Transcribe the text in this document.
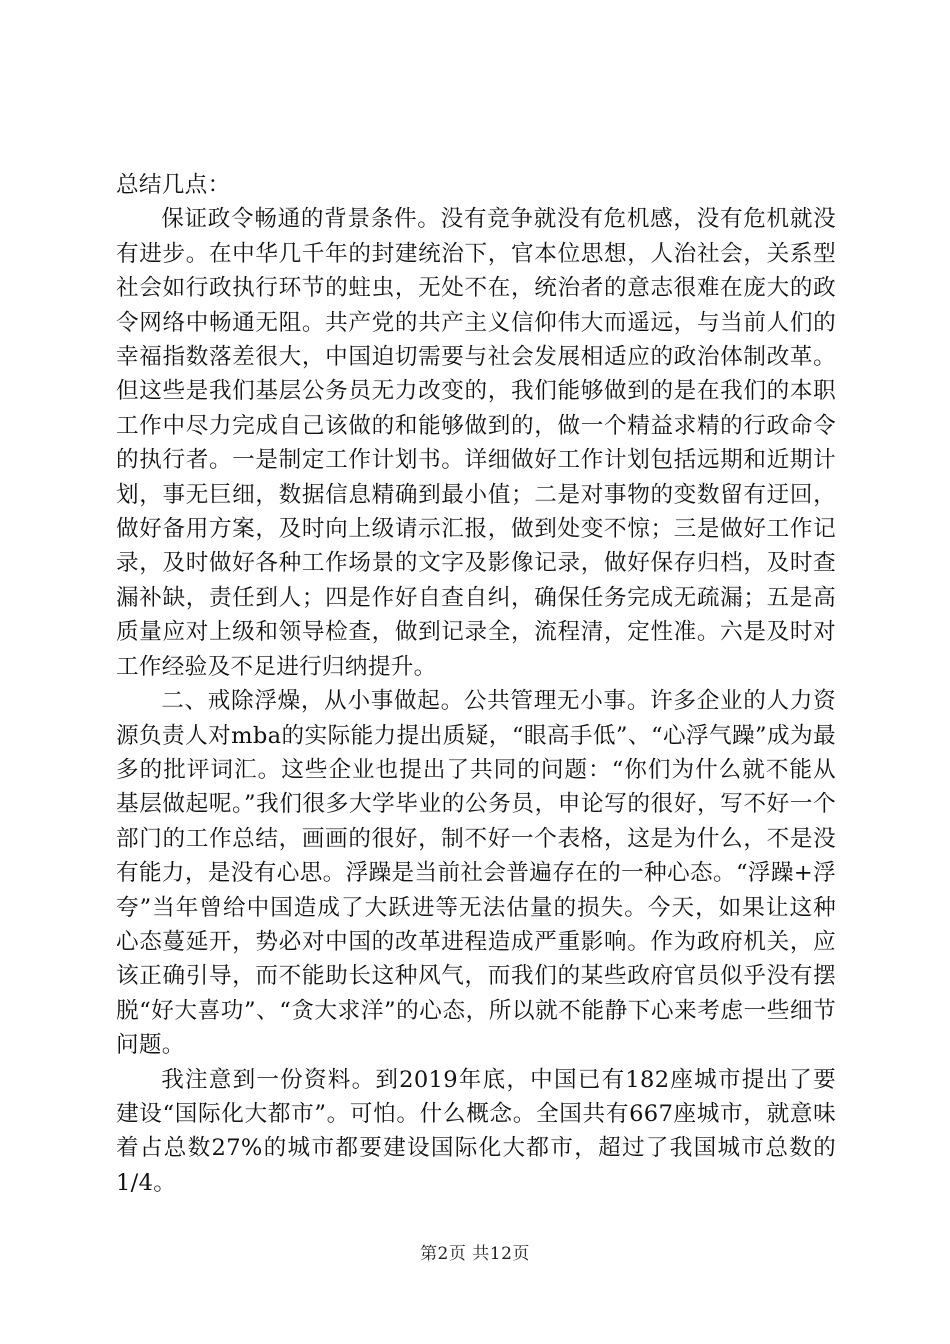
总结几点：

保证政令畅通的背景条件。没有竞争就没有危机感，没有危机就没有进步。在中华几千年的封建统治下，官本位思想，人治社会，关系型社会如行政执行环节的蛀虫，无处不在，统治者的意志很难在庞大的政令网络中畅通无阻。共产党的共产主义信仰伟大而遥远，与当前人们的幸福指数落差很大，中国迫切需要与社会发展相适应的政治体制改革。但这些是我们基层公务员无力改变的，我们能够做到的是在我们的本职工作中尽力完成自己该做的和能够做到的，做一个精益求精的行政命令的执行者。一是制定工作计划书。详细做好工作计划包括远期和近期计划，事无巨细，数据信息精确到最小值；二是对事物的变数留有迂回，做好备用方案，及时向上级请示汇报，做到处变不惊；三是做好工作记录，及时做好各种工作场景的文字及影像记录，做好保存归档，及时查漏补缺，责任到人；四是作好自查自纠，确保任务完成无疏漏；五是高质量应对上级和领导检查，做到记录全，流程清，定性准。六是及时对工作经验及不足进行归纳提升。

二、戒除浮燥，从小事做起。公共管理无小事。许多企业的人力资源负责人对mba的实际能力提出质疑，“眼高手低”、“心浮气躁”成为最多的批评词汇。这些企业也提出了共同的问题：“你们为什么就不能从基层做起呢。”我们很多大学毕业的公务员，申论写的很好，写不好一个部门的工作总结，画画的很好，制不好一个表格，这是为什么，不是没有能力，是没有心思。浮躁是当前社会普遍存在的一种心态。“浮躁+浮夸”当年曾给中国造成了大跃进等无法估量的损失。今天，如果让这种心态蔓延开，势必对中国的改革进程造成严重影响。作为政府机关，应该正确引导，而不能助长这种风气，而我们的某些政府官员似乎没有摆脱“好大喜功”、“贪大求洋”的心态，所以就不能静下心来考虑一些细节问题。

我注意到一份资料。到2019年底，中国已有182座城市提出了要建设“国际化大都市”。可怕。什么概念。全国共有667座城市，就意味着占总数27%的城市都要建设国际化大都市，超过了我国城市总数的1/4。

第2页 共12页
